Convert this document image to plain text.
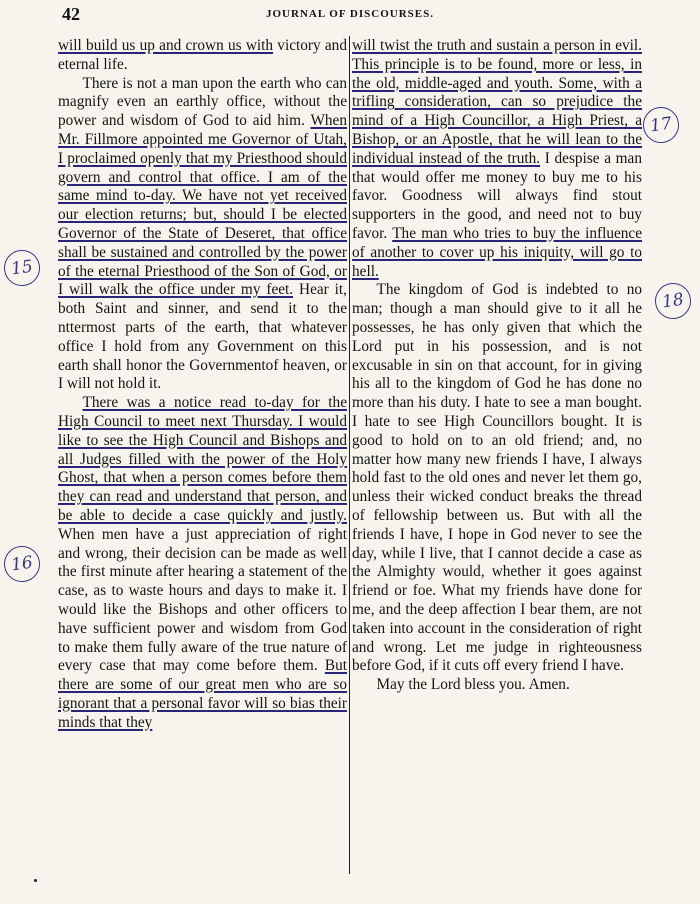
42	JOURNAL OF DISCOURSES.

will build us up and crown us with victory and eternal life.

There is not a man upon the earth who can magnify even an earthly office, without the power and wisdom of God to aid him. When Mr. Fillmore appointed me Governor of Utah, I proclaimed openly that my Priesthood should govern and control that office. I am of the same mind to-day. We have not yet received our election returns; but, should I be elected Governor of the State of Deseret, that office shall be sustained and controlled by the power of the eternal Priesthood of the Son of God, or I will walk the office under my feet. Hear it, both Saint and sinner, and send it to the nttermost parts of the earth, that whatever office I hold from any Government on this earth shall honor the Governmentof heaven, or I will not hold it.

There was a notice read to-day for the High Council to meet next Thursday. I would like to see the High Council and Bishops and all Judges filled with the power of the Holy Ghost, that when a person comes before them they can read and understand that person, and be able to decide a case quickly and justly. When men have a just appreciation of right and wrong, their decision can be made as well the first minute after hearing a statement of the case, as to waste hours and days to make it. I would like the Bishops and other officers to have sufficient power and wisdom from God to make them fully aware of the true nature of every case that may come before them. But there are some of our great men who are so ignorant that a personal favor will so bias their minds that they

will twist the truth and sustain a person in evil. This principle is to be found, more or less, in the old, middle-aged and youth. Some, with a trifling consideration, can so prejudice the mind of a High Councillor, a High Priest, a Bishop, or an Apostle, that he will lean to the individual instead of the truth. I despise a man that would offer me money to buy me to his favor. Goodness will always find stout supporters in the good, and need not to buy favor. The man who tries to buy the influence of another to cover up his iniquity, will go to hell.

The kingdom of God is indebted to no man; though a man should give to it all he possesses, he has only given that which the Lord put in his possession, and is not excusable in sin on that account, for in giving his all to the kingdom of God he has done no more than his duty. I hate to see a man bought. I hate to see High Councillors bought. It is good to hold on to an old friend; and, no matter how many new friends I have, I always hold fast to the old ones and never let them go, unless their wicked conduct breaks the thread of fellowship between us. But with all the friends I have, I hope in God never to see the day, while I live, that I cannot decide a case as the Almighty would, whether it goes against friend or foe. What my friends have done for me, and the deep affection I bear them, are not taken into account in the consideration of right and wrong. Let me judge in righteousness before God, if it cuts off every friend I have.

May the Lord bless you. Amen.

15
16
17
18
